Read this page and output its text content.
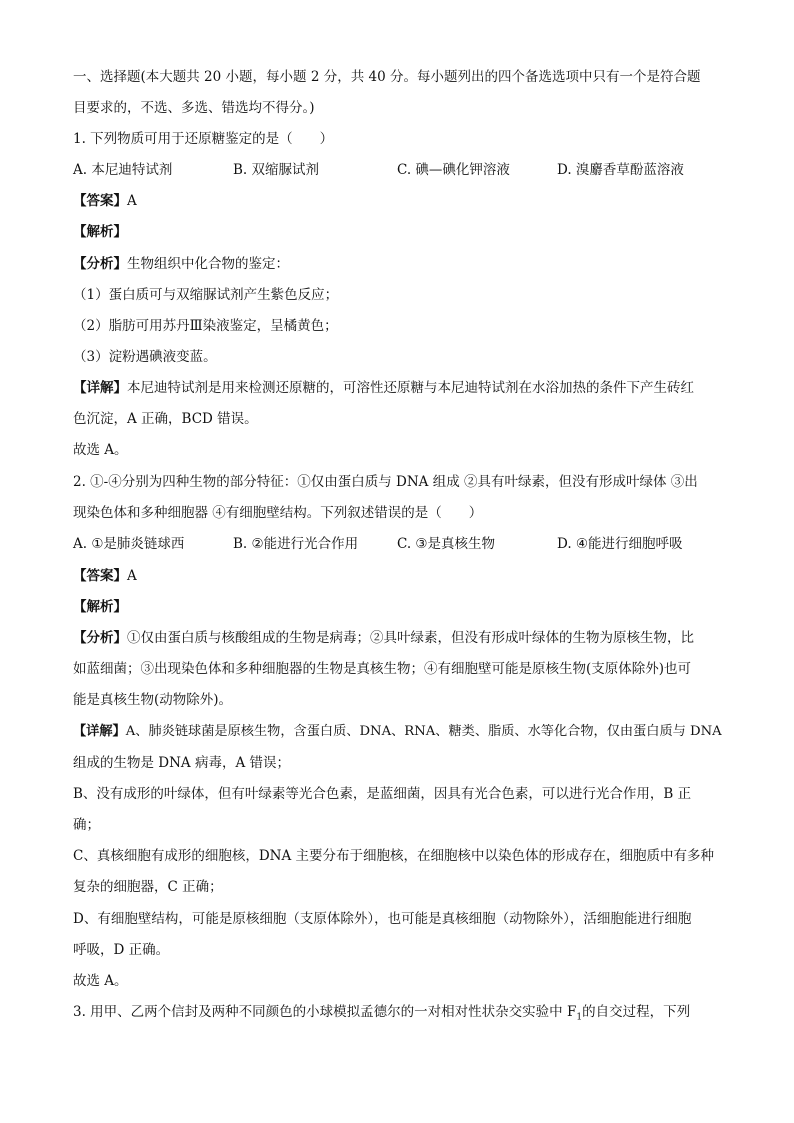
一、选择题(本大题共 20 小题，每小题 2 分，共 40 分。每小题列出的四个备选选项中只有一个是符合题
目要求的，不选、多选、错选均不得分。)
1. 下列物质可用于还原糖鉴定的是（　　）
A. 本尼迪特试剂	B. 双缩脲试剂	C. 碘—碘化钾溶液	D. 溴麝香草酚蓝溶液
【答案】A
【解析】
【分析】生物组织中化合物的鉴定：
（1）蛋白质可与双缩脲试剂产生紫色反应；
（2）脂肪可用苏丹Ⅲ染液鉴定，呈橘黄色；
（3）淀粉遇碘液变蓝。
【详解】本尼迪特试剂是用来检测还原糖的，可溶性还原糖与本尼迪特试剂在水浴加热的条件下产生砖红
色沉淀，A 正确，BCD 错误。
故选 A。
2. ①-④分别为四种生物的部分特征：①仅由蛋白质与 DNA 组成 ②具有叶绿素，但没有形成叶绿体 ③出
现染色体和多种细胞器 ④有细胞壁结构。下列叙述错误的是（　　）
A. ①是肺炎链球西	B. ②能进行光合作用	C. ③是真核生物	D. ④能进行细胞呼吸
【答案】A
【解析】
【分析】①仅由蛋白质与核酸组成的生物是病毒；②具叶绿素，但没有形成叶绿体的生物为原核生物，比
如蓝细菌；③出现染色体和多种细胞器的生物是真核生物；④有细胞壁可能是原核生物(支原体除外)也可
能是真核生物(动物除外)。
【详解】A、肺炎链球菌是原核生物，含蛋白质、DNA、RNA、糖类、脂质、水等化合物，仅由蛋白质与 DNA
组成的生物是 DNA 病毒，A 错误；
B、没有成形的叶绿体，但有叶绿素等光合色素，是蓝细菌，因具有光合色素，可以进行光合作用，B 正
确；
C、真核细胞有成形的细胞核，DNA 主要分布于细胞核，在细胞核中以染色体的形成存在，细胞质中有多种
复杂的细胞器，C 正确；
D、有细胞壁结构，可能是原核细胞（支原体除外），也可能是真核细胞（动物除外），活细胞能进行细胞
呼吸，D 正确。
故选 A。
3. 用甲、乙两个信封及两种不同颜色的小球模拟孟德尔的一对相对性状杂交实验中 $F_1$的自交过程，下列
